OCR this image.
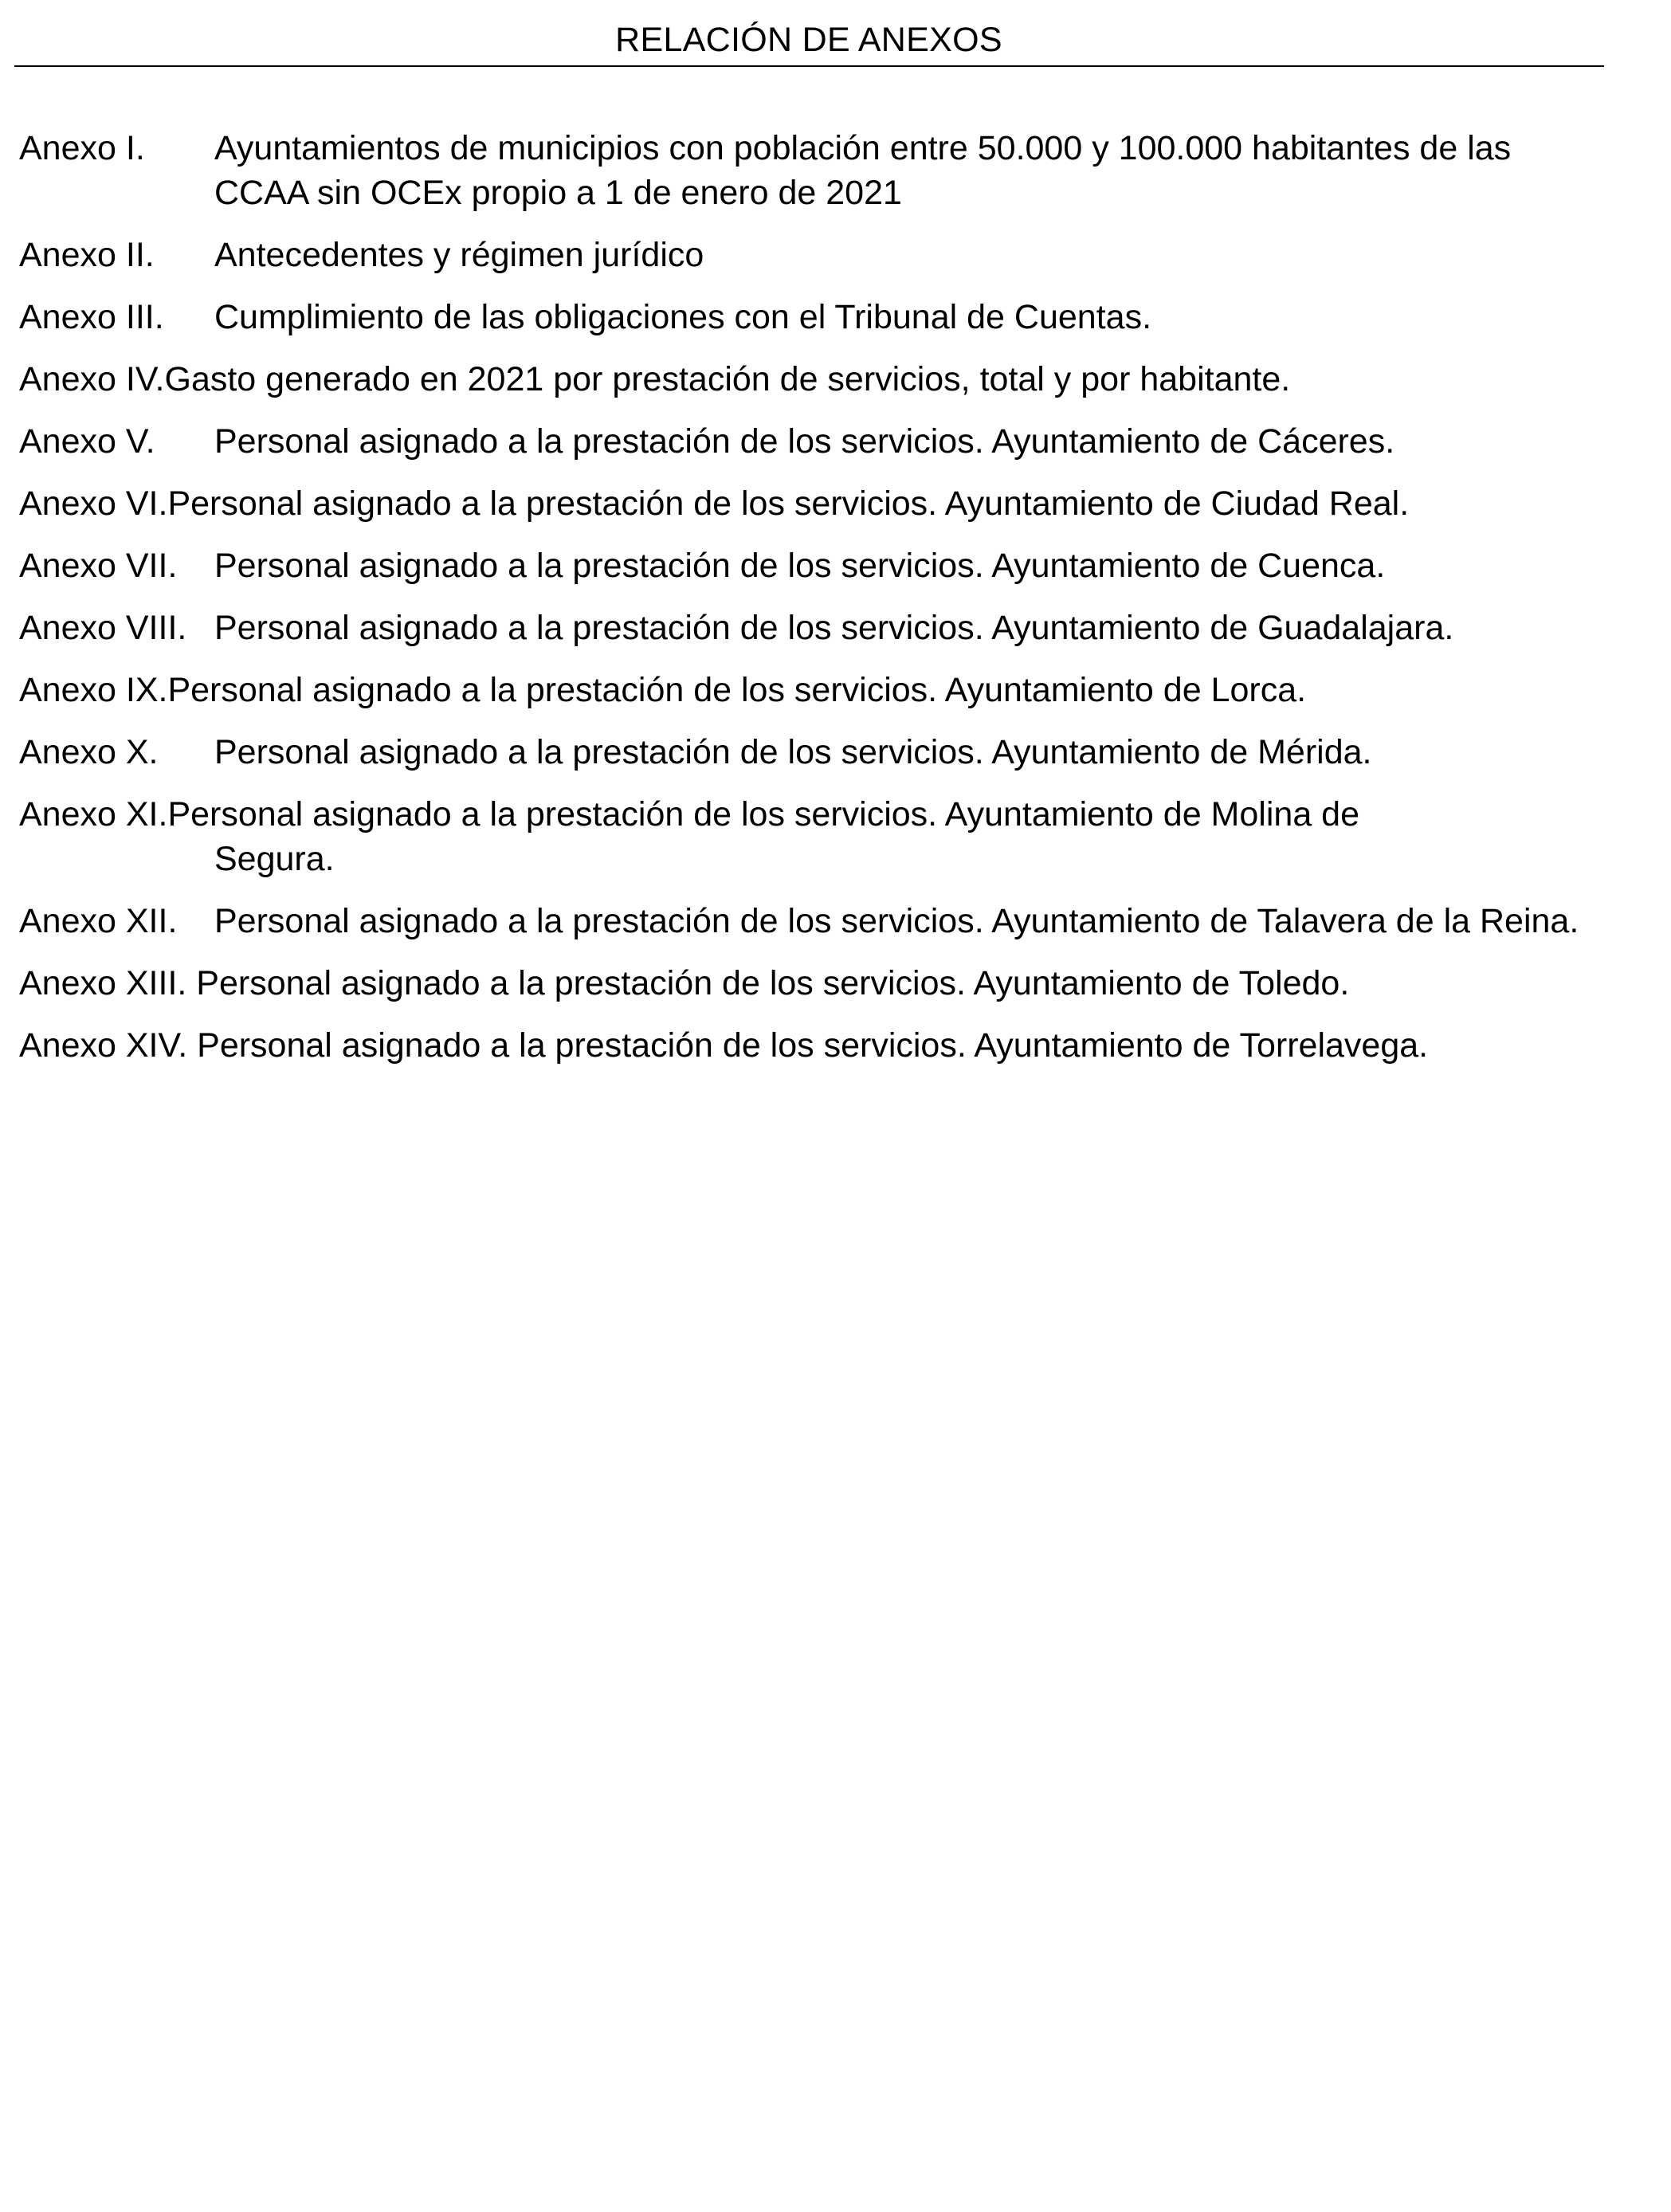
RELACIÓN DE ANEXOS
Anexo I. Ayuntamientos de municipios con población entre 50.000 y 100.000 habitantes de las CCAA sin OCEx propio a 1 de enero de 2021
Anexo II. Antecedentes y régimen jurídico
Anexo III. Cumplimiento de las obligaciones con el Tribunal de Cuentas.
Anexo IV.Gasto generado en 2021 por prestación de servicios, total y por habitante.
Anexo V. Personal asignado a la prestación de los servicios. Ayuntamiento de Cáceres.
Anexo VI.Personal asignado a la prestación de los servicios. Ayuntamiento de Ciudad Real.
Anexo VII. Personal asignado a la prestación de los servicios. Ayuntamiento de Cuenca.
Anexo VIII. Personal asignado a la prestación de los servicios. Ayuntamiento de Guadalajara.
Anexo IX.Personal asignado a la prestación de los servicios. Ayuntamiento de Lorca.
Anexo X. Personal asignado a la prestación de los servicios. Ayuntamiento de Mérida.
Anexo XI.Personal asignado a la prestación de los servicios. Ayuntamiento de Molina de
Segura.
Anexo XII. Personal asignado a la prestación de los servicios. Ayuntamiento de Talavera de la Reina.
Anexo XIII. Personal asignado a la prestación de los servicios. Ayuntamiento de Toledo.
Anexo XIV. Personal asignado a la prestación de los servicios. Ayuntamiento de Torrelavega.
